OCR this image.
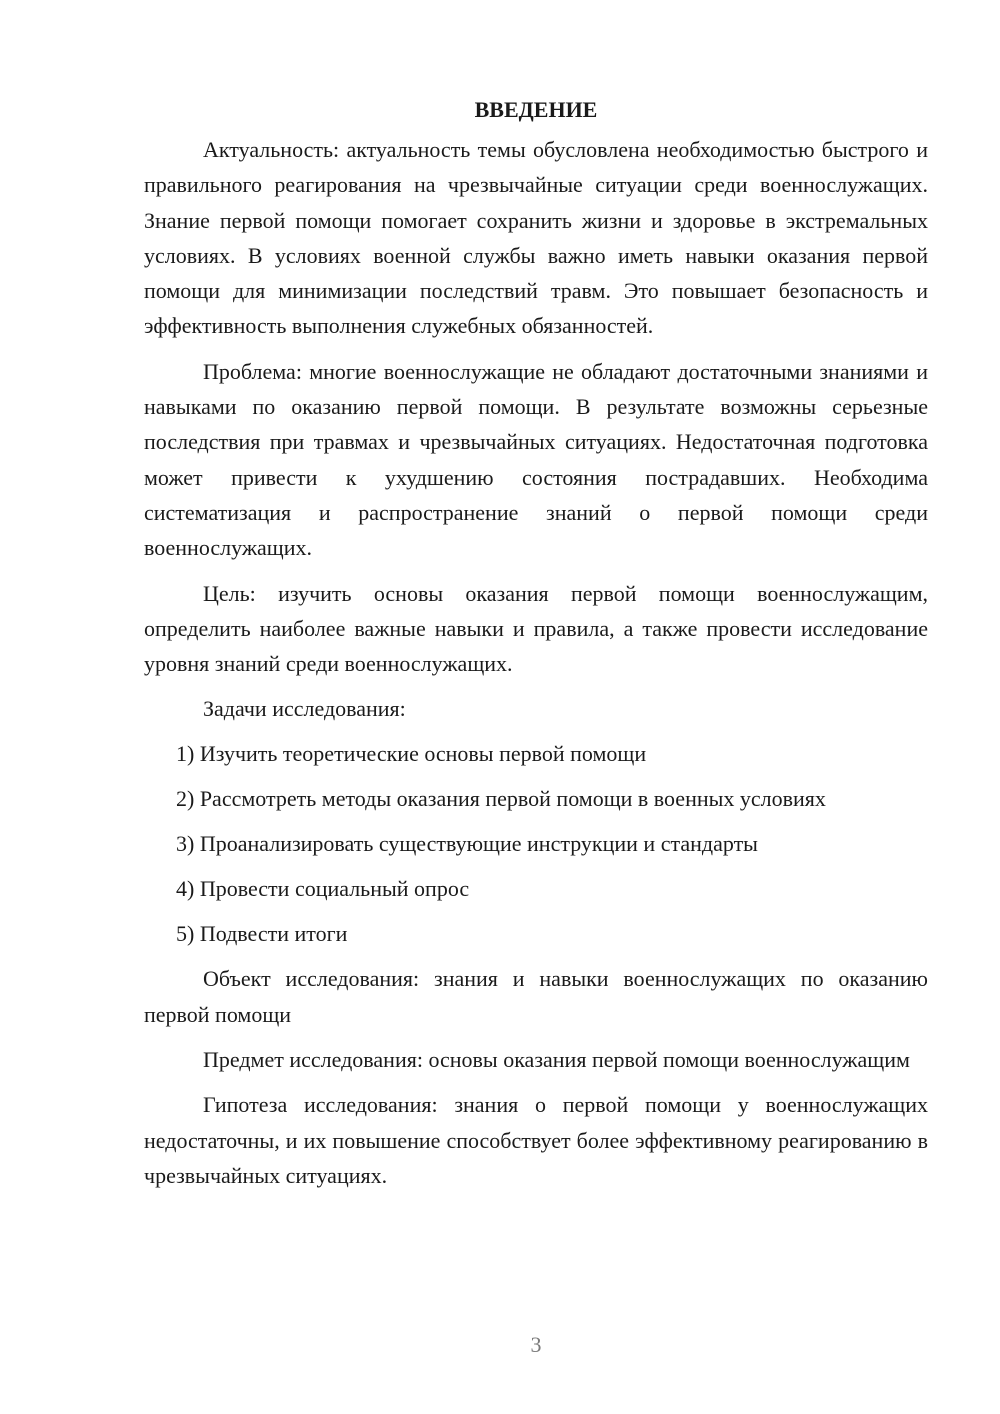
ВВЕДЕНИЕ

Актуальность: актуальность темы обусловлена необходимостью быстрого и правильного реагирования на чрезвычайные ситуации среди военнослужащих. Знание первой помощи помогает сохранить жизни и здоровье в экстремальных условиях. В условиях военной службы важно иметь навыки оказания первой помощи для минимизации последствий травм. Это повышает безопасность и эффективность выполнения служебных обязанностей.

Проблема: многие военнослужащие не обладают достаточными знаниями и навыками по оказанию первой помощи. В результате возможны серьезные последствия при травмах и чрезвычайных ситуациях. Недостаточная подготовка может привести к ухудшению состояния пострадавших. Необходима систематизация и распространение знаний о первой помощи среди военнослужащих.

Цель: изучить основы оказания первой помощи военнослужащим, определить наиболее важные навыки и правила, а также провести исследование уровня знаний среди военнослужащих.

Задачи исследования:
1) Изучить теоретические основы первой помощи
2) Рассмотреть методы оказания первой помощи в военных условиях
3) Проанализировать существующие инструкции и стандарты
4) Провести социальный опрос
5) Подвести итоги

Объект исследования: знания и навыки военнослужащих по оказанию первой помощи

Предмет исследования: основы оказания первой помощи военнослужащим

Гипотеза исследования: знания о первой помощи у военнослужащих недостаточны, и их повышение способствует более эффективному реагированию в чрезвычайных ситуациях.

3
